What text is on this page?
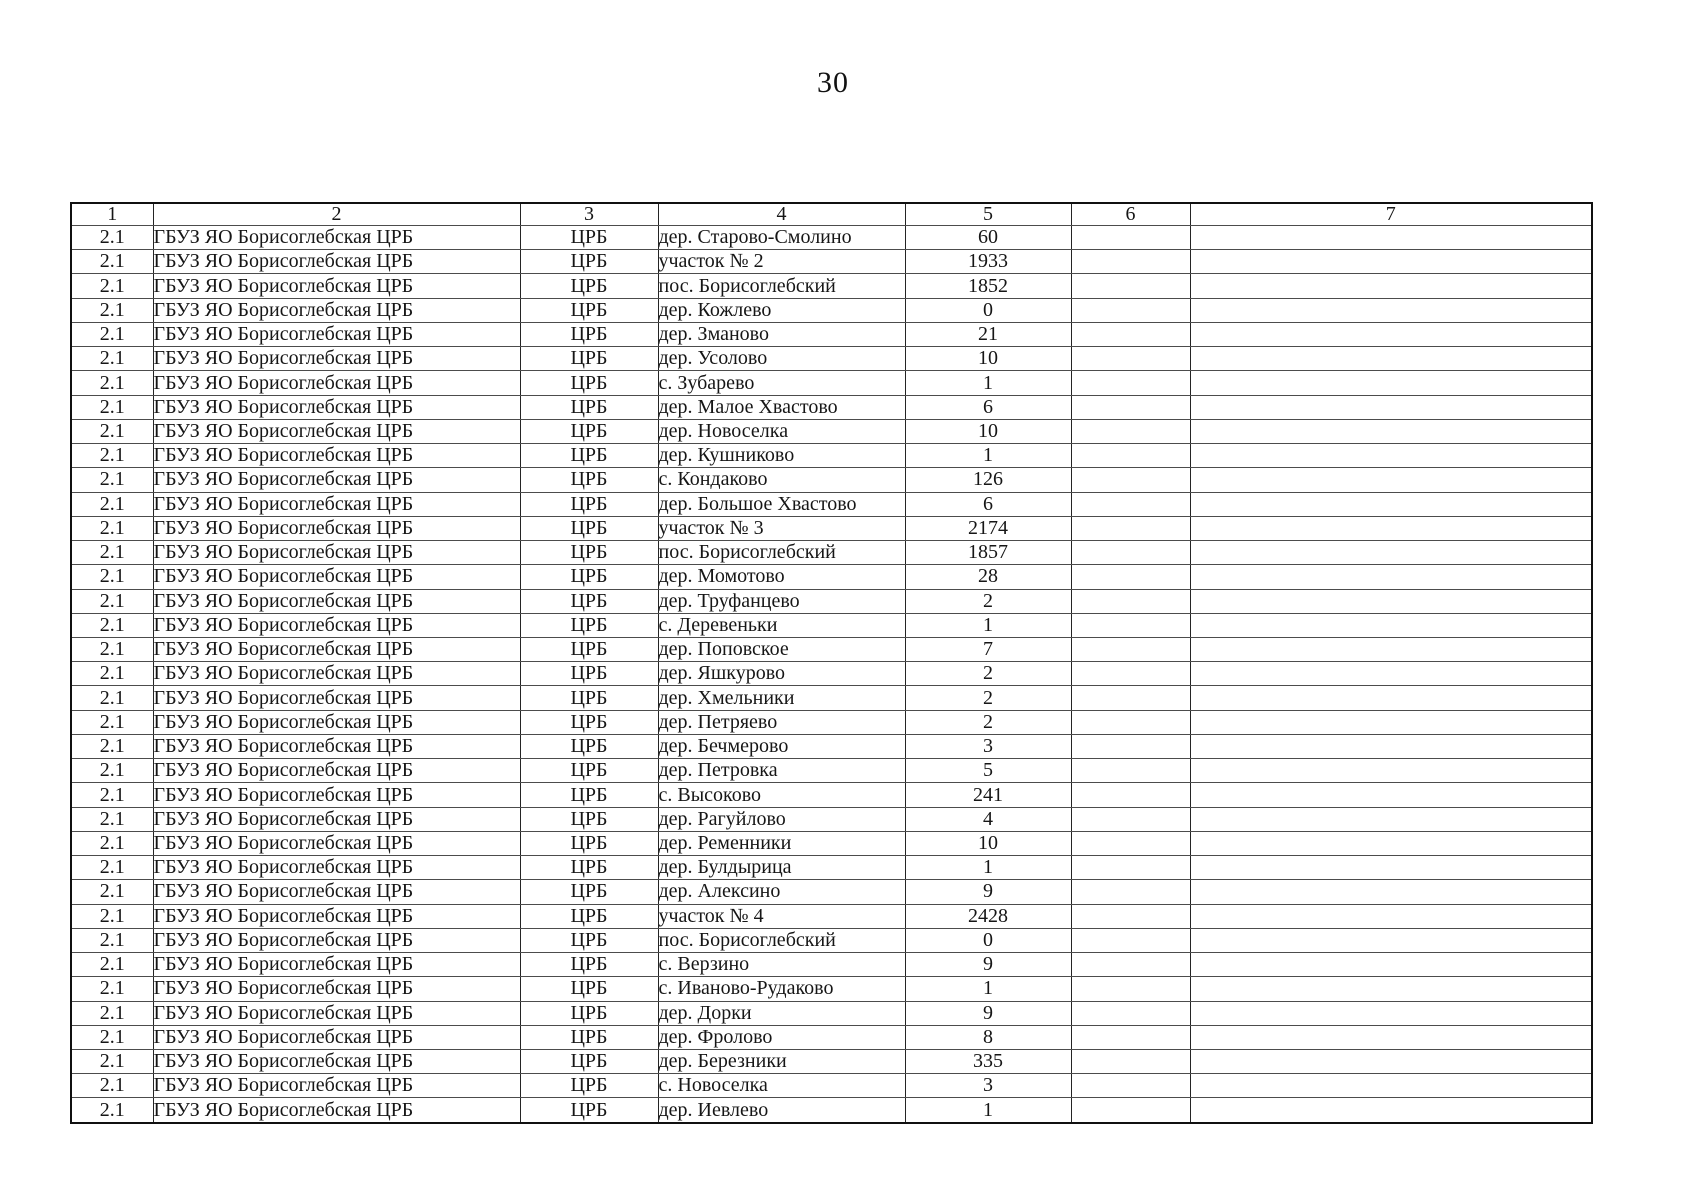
30
1	2	3	4	5	6	7
2.1	ГБУЗ ЯО Борисоглебская ЦРБ	ЦРБ	дер. Старово-Смолино	60		
2.1	ГБУЗ ЯО Борисоглебская ЦРБ	ЦРБ	участок № 2	1933		
2.1	ГБУЗ ЯО Борисоглебская ЦРБ	ЦРБ	пос. Борисоглебский	1852		
2.1	ГБУЗ ЯО Борисоглебская ЦРБ	ЦРБ	дер. Кожлево	0		
2.1	ГБУЗ ЯО Борисоглебская ЦРБ	ЦРБ	дер. Зманово	21		
2.1	ГБУЗ ЯО Борисоглебская ЦРБ	ЦРБ	дер. Усолово	10		
2.1	ГБУЗ ЯО Борисоглебская ЦРБ	ЦРБ	с. Зубарево	1		
2.1	ГБУЗ ЯО Борисоглебская ЦРБ	ЦРБ	дер. Малое Хвастово	6		
2.1	ГБУЗ ЯО Борисоглебская ЦРБ	ЦРБ	дер. Новоселка	10		
2.1	ГБУЗ ЯО Борисоглебская ЦРБ	ЦРБ	дер. Кушниково	1		
2.1	ГБУЗ ЯО Борисоглебская ЦРБ	ЦРБ	с. Кондаково	126		
2.1	ГБУЗ ЯО Борисоглебская ЦРБ	ЦРБ	дер. Большое Хвастово	6		
2.1	ГБУЗ ЯО Борисоглебская ЦРБ	ЦРБ	участок № 3	2174		
2.1	ГБУЗ ЯО Борисоглебская ЦРБ	ЦРБ	пос. Борисоглебский	1857		
2.1	ГБУЗ ЯО Борисоглебская ЦРБ	ЦРБ	дер. Момотово	28		
2.1	ГБУЗ ЯО Борисоглебская ЦРБ	ЦРБ	дер. Труфанцево	2		
2.1	ГБУЗ ЯО Борисоглебская ЦРБ	ЦРБ	с. Деревеньки	1		
2.1	ГБУЗ ЯО Борисоглебская ЦРБ	ЦРБ	дер. Поповское	7		
2.1	ГБУЗ ЯО Борисоглебская ЦРБ	ЦРБ	дер. Яшкурово	2		
2.1	ГБУЗ ЯО Борисоглебская ЦРБ	ЦРБ	дер. Хмельники	2		
2.1	ГБУЗ ЯО Борисоглебская ЦРБ	ЦРБ	дер. Петряево	2		
2.1	ГБУЗ ЯО Борисоглебская ЦРБ	ЦРБ	дер. Бечмерово	3		
2.1	ГБУЗ ЯО Борисоглебская ЦРБ	ЦРБ	дер. Петровка	5		
2.1	ГБУЗ ЯО Борисоглебская ЦРБ	ЦРБ	с. Высоково	241		
2.1	ГБУЗ ЯО Борисоглебская ЦРБ	ЦРБ	дер. Рагуйлово	4		
2.1	ГБУЗ ЯО Борисоглебская ЦРБ	ЦРБ	дер. Ременники	10		
2.1	ГБУЗ ЯО Борисоглебская ЦРБ	ЦРБ	дер. Булдырица	1		
2.1	ГБУЗ ЯО Борисоглебская ЦРБ	ЦРБ	дер. Алексино	9		
2.1	ГБУЗ ЯО Борисоглебская ЦРБ	ЦРБ	участок № 4	2428		
2.1	ГБУЗ ЯО Борисоглебская ЦРБ	ЦРБ	пос. Борисоглебский	0		
2.1	ГБУЗ ЯО Борисоглебская ЦРБ	ЦРБ	с. Верзино	9		
2.1	ГБУЗ ЯО Борисоглебская ЦРБ	ЦРБ	с. Иваново-Рудаково	1		
2.1	ГБУЗ ЯО Борисоглебская ЦРБ	ЦРБ	дер. Дорки	9		
2.1	ГБУЗ ЯО Борисоглебская ЦРБ	ЦРБ	дер. Фролово	8		
2.1	ГБУЗ ЯО Борисоглебская ЦРБ	ЦРБ	дер. Березники	335		
2.1	ГБУЗ ЯО Борисоглебская ЦРБ	ЦРБ	с. Новоселка	3		
2.1	ГБУЗ ЯО Борисоглебская ЦРБ	ЦРБ	дер. Иевлево	1		
